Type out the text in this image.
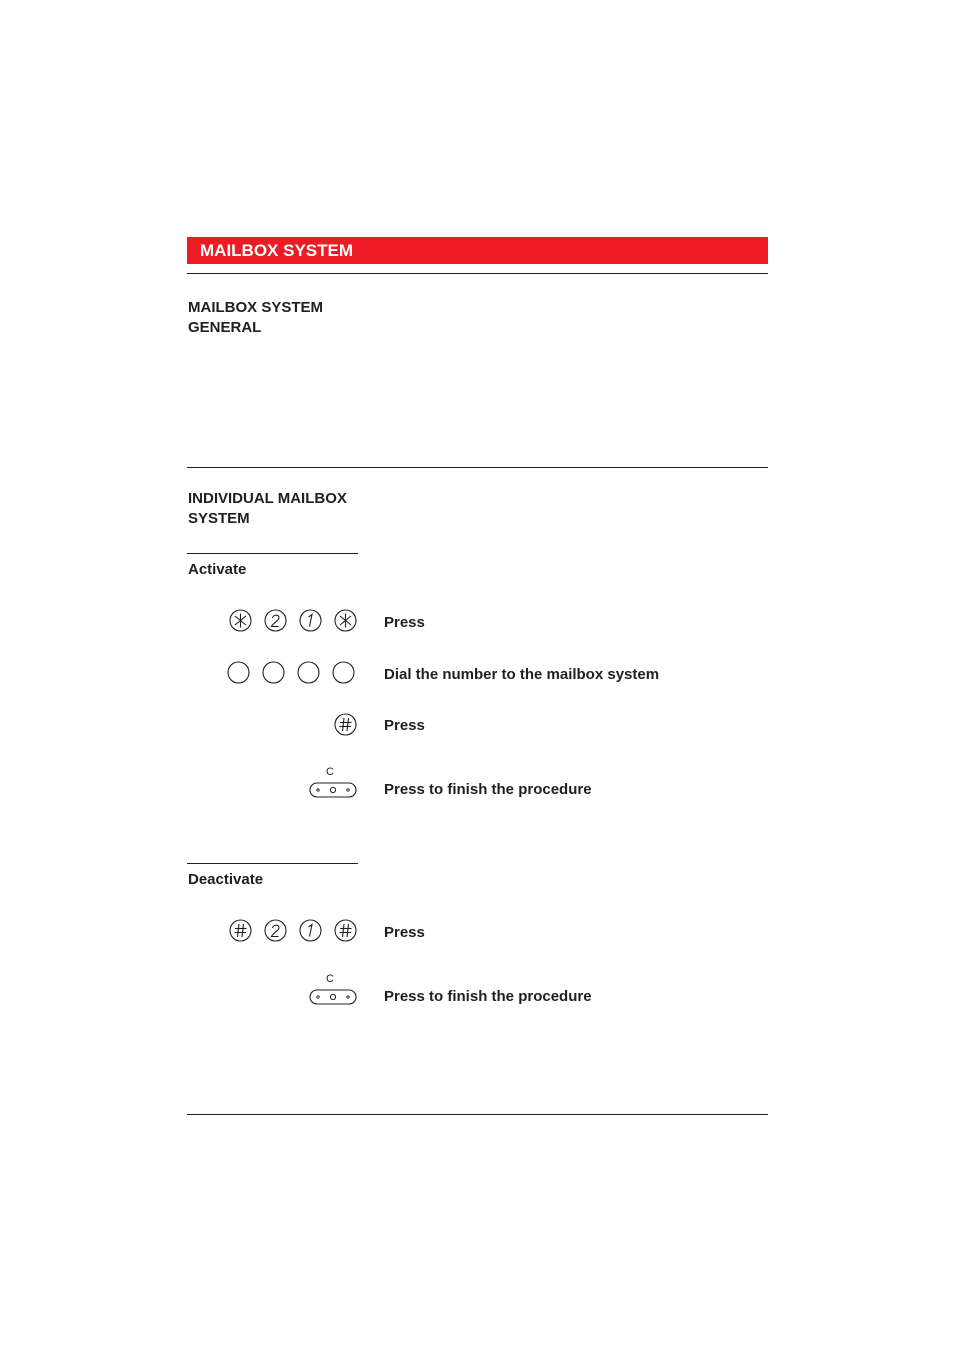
MAILBOX SYSTEM
MAILBOX SYSTEM
GENERAL
INDIVIDUAL MAILBOX
SYSTEM
Activate
Press
Dial the number to the mailbox system
Press
C
Press to finish the procedure
Deactivate
Press
C
Press to finish the procedure
